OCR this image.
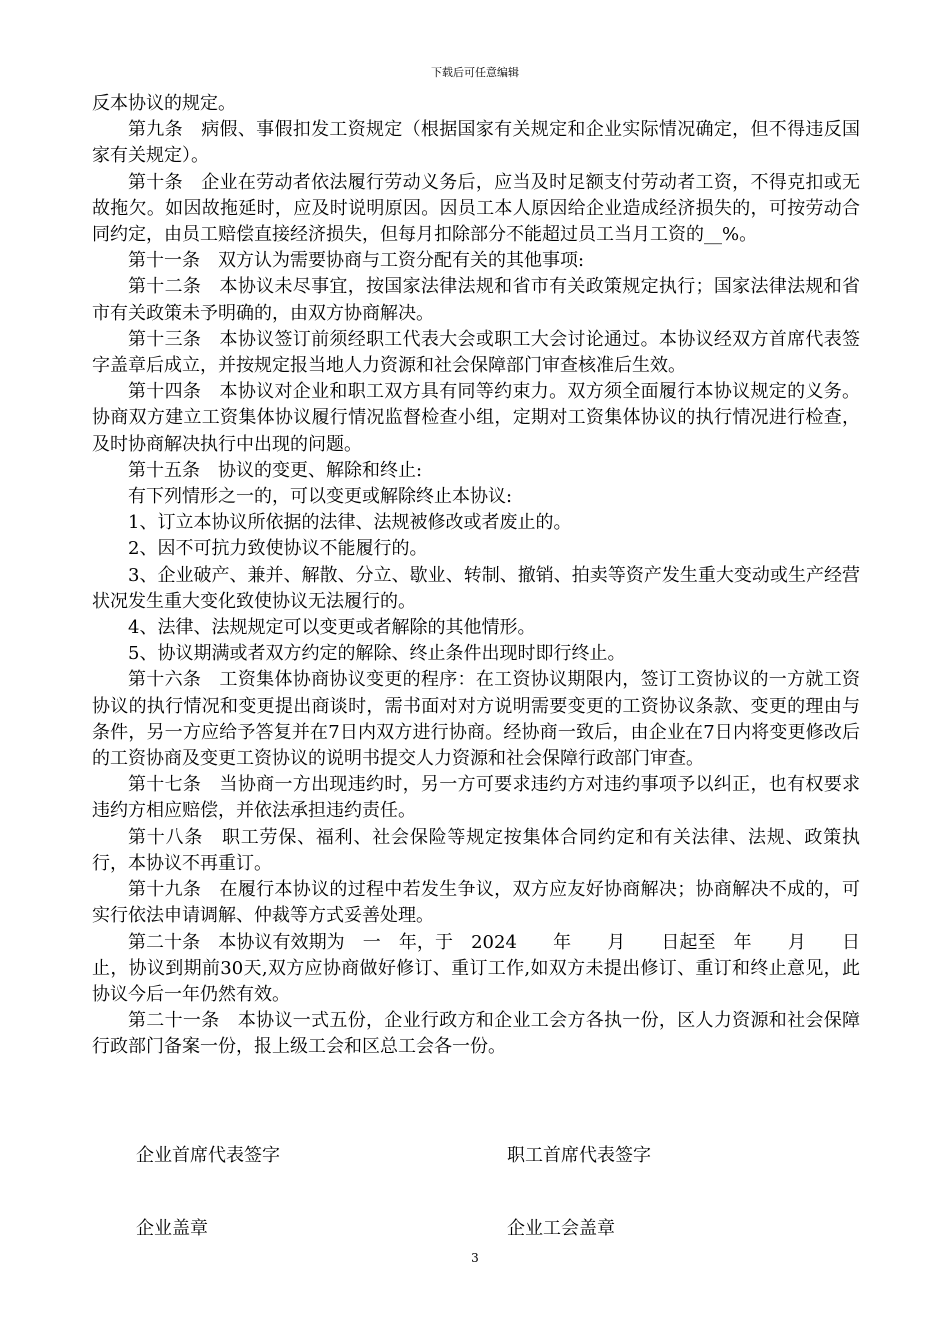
下载后可任意编辑

反本协议的规定。

第九条　病假、事假扣发工资规定（根据国家有关规定和企业实际情况确定，但不得违反国家有关规定）。

第十条　企业在劳动者依法履行劳动义务后，应当及时足额支付劳动者工资，不得克扣或无故拖欠。如因故拖延时，应及时说明原因。因员工本人原因给企业造成经济损失的，可按劳动合同约定，由员工赔偿直接经济损失，但每月扣除部分不能超过员工当月工资的__%。

第十一条　双方认为需要协商与工资分配有关的其他事项:

第十二条　本协议未尽事宜，按国家法律法规和省市有关政策规定执行；国家法律法规和省市有关政策未予明确的，由双方协商解决。

第十三条　本协议签订前须经职工代表大会或职工大会讨论通过。本协议经双方首席代表签字盖章后成立，并按规定报当地人力资源和社会保障部门审查核准后生效。

第十四条　本协议对企业和职工双方具有同等约束力。双方须全面履行本协议规定的义务。协商双方建立工资集体协议履行情况监督检查小组，定期对工资集体协议的执行情况进行检查，及时协商解决执行中出现的问题。

第十五条　协议的变更、解除和终止:

有下列情形之一的，可以变更或解除终止本协议:

1、订立本协议所依据的法律、法规被修改或者废止的。

2、因不可抗力致使协议不能履行的。

3、企业破产、兼并、解散、分立、歇业、转制、撤销、拍卖等资产发生重大变动或生产经营状况发生重大变化致使协议无法履行的。

4、法律、法规规定可以变更或者解除的其他情形。

5、协议期满或者双方约定的解除、终止条件出现时即行终止。

第十六条　工资集体协商协议变更的程序：在工资协议期限内，签订工资协议的一方就工资协议的执行情况和变更提出商谈时，需书面对对方说明需要变更的工资协议条款、变更的理由与条件，另一方应给予答复并在7日内双方进行协商。经协商一致后，由企业在7日内将变更修改后的工资协商及变更工资协议的说明书提交人力资源和社会保障行政部门审查。

第十七条　当协商一方出现违约时，另一方可要求违约方对违约事项予以纠正，也有权要求违约方相应赔偿，并依法承担违约责任。

第十八条　职工劳保、福利、社会保险等规定按集体合同约定和有关法律、法规、政策执行，本协议不再重订。

第十九条　在履行本协议的过程中若发生争议，双方应友好协商解决；协商解决不成的，可实行依法申请调解、仲裁等方式妥善处理。

第二十条　本协议有效期为　一　年，于　2024　　年　　月　　日起至　年　　月　　日止，协议到期前30天,双方应协商做好修订、重订工作,如双方未提出修订、重订和终止意见，此协议今后一年仍然有效。

第二十一条　本协议一式五份，企业行政方和企业工会方各执一份，区人力资源和社会保障行政部门备案一份，报上级工会和区总工会各一份。

企业首席代表签字	职工首席代表签字
企业盖章	企业工会盖章
3
